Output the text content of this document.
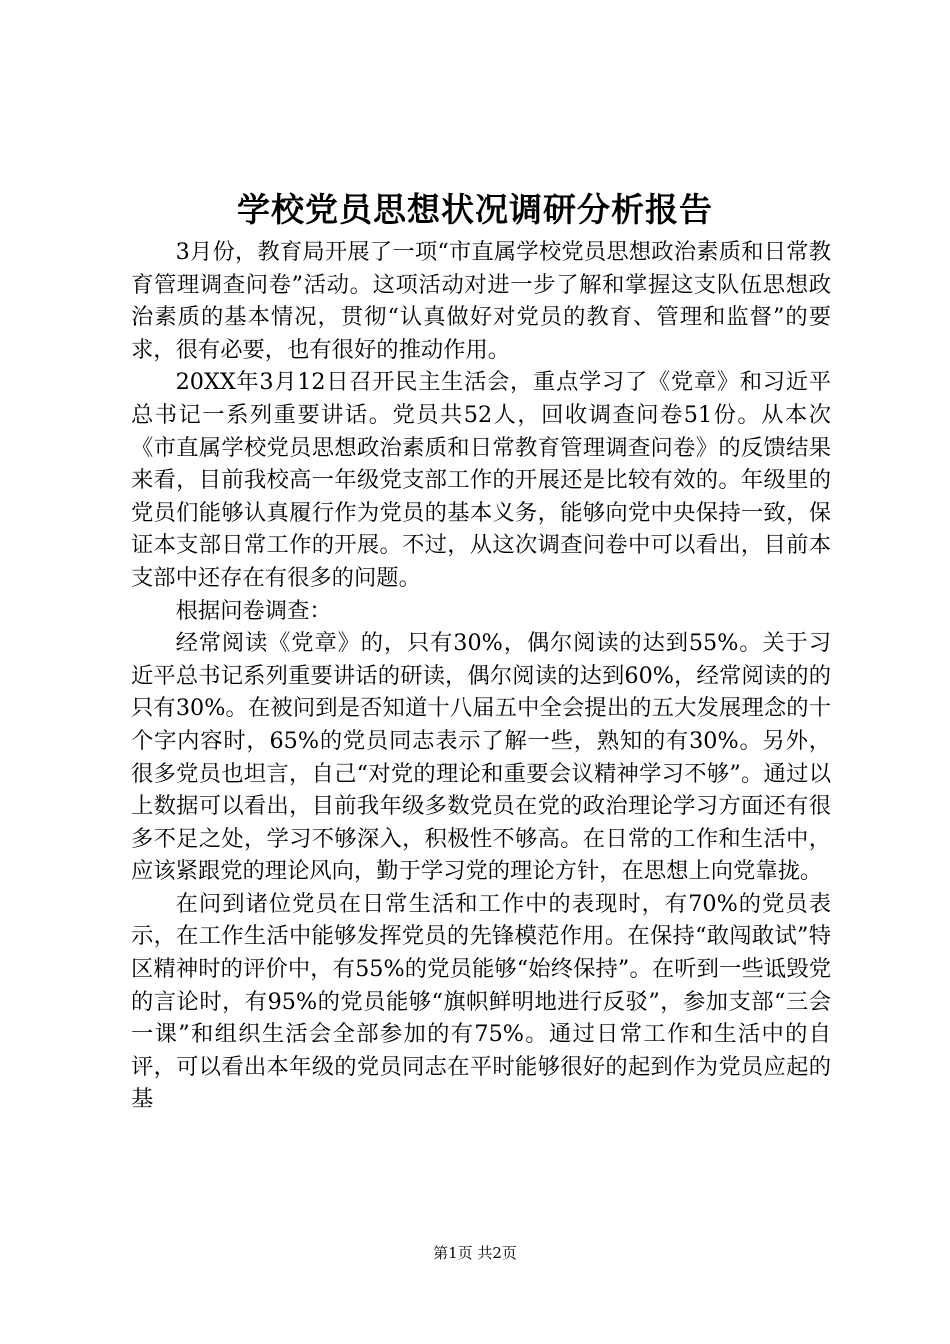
学校党员思想状况调研分析报告

3月份，教育局开展了一项“市直属学校党员思想政治素质和日常教育管理调查问卷”活动。这项活动对进一步了解和掌握这支队伍思想政治素质的基本情况，贯彻“认真做好对党员的教育、管理和监督”的要求，很有必要，也有很好的推动作用。

20XX年3月12日召开民主生活会，重点学习了《党章》和习近平总书记一系列重要讲话。党员共52人，回收调查问卷51份。从本次《市直属学校党员思想政治素质和日常教育管理调查问卷》的反馈结果来看，目前我校高一年级党支部工作的开展还是比较有效的。年级里的党员们能够认真履行作为党员的基本义务，能够向党中央保持一致，保证本支部日常工作的开展。不过，从这次调查问卷中可以看出，目前本支部中还存在有很多的问题。

根据问卷调查：

经常阅读《党章》的，只有30%，偶尔阅读的达到55%。关于习近平总书记系列重要讲话的研读，偶尔阅读的达到60%，经常阅读的的只有30%。在被问到是否知道十八届五中全会提出的五大发展理念的十个字内容时，65%的党员同志表示了解一些，熟知的有30%。另外，很多党员也坦言，自己“对党的理论和重要会议精神学习不够”。通过以上数据可以看出，目前我年级多数党员在党的政治理论学习方面还有很多不足之处，学习不够深入，积极性不够高。在日常的工作和生活中，应该紧跟党的理论风向，勤于学习党的理论方针，在思想上向党靠拢。

在问到诸位党员在日常生活和工作中的表现时，有70%的党员表示，在工作生活中能够发挥党员的先锋模范作用。在保持“敢闯敢试”特区精神时的评价中，有55%的党员能够“始终保持”。在听到一些诋毁党的言论时，有95%的党员能够“旗帜鲜明地进行反驳”，参加支部“三会一课”和组织生活会全部参加的有75%。通过日常工作和生活中的自评，可以看出本年级的党员同志在平时能够很好的起到作为党员应起的基

第1页 共2页
